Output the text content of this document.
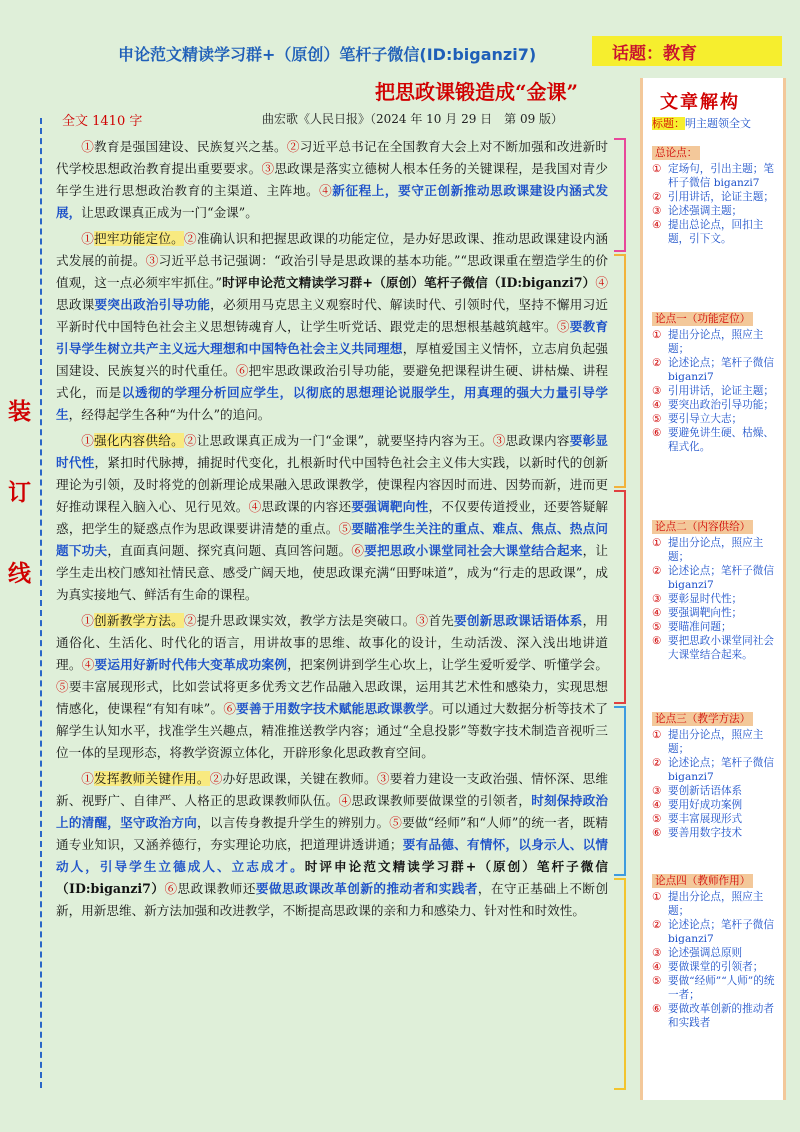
申论范文精读学习群+（原创）笔杆子微信(ID:biganzi7)	话题：教育
把思政课锻造成“金课”
全文 1410 字	曲宏歌《人民日报》（2024 年 10 月 29 日　第 09 版）
装
订
线

①教育是强国建设、民族复兴之基。②习近平总书记在全国教育大会上对不断加强和改进新时代学校思想政治教育提出重要要求。③思政课是落实立德树人根本任务的关键课程，是我国对青少年学生进行思想政治教育的主渠道、主阵地。④新征程上，要守正创新推动思政课建设内涵式发展，让思政课真正成为一门“金课”。

①把牢功能定位。②准确认识和把握思政课的功能定位，是办好思政课、推动思政课建设内涵式发展的前提。③习近平总书记强调：“政治引导是思政课的基本功能。”“思政课重在塑造学生的价值观，这一点必须牢牢抓住。”时评申论范文精读学习群+（原创）笔杆子微信（ID:biganzi7）④思政课要突出政治引导功能，必须用马克思主义观察时代、解读时代、引领时代，坚持不懈用习近平新时代中国特色社会主义思想铸魂育人，让学生听党话、跟党走的思想根基越筑越牢。⑤要教育引导学生树立共产主义远大理想和中国特色社会主义共同理想，厚植爱国主义情怀，立志肩负起强国建设、民族复兴的时代重任。⑥把牢思政课政治引导功能，要避免把课程讲生硬、讲枯燥、讲程式化，而是以透彻的学理分析回应学生，以彻底的思想理论说服学生，用真理的强大力量引导学生，经得起学生各种“为什么”的追问。

①强化内容供给。②让思政课真正成为一门“金课”，就要坚持内容为王。③思政课内容要彰显时代性，紧扣时代脉搏，捕捉时代变化，扎根新时代中国特色社会主义伟大实践，以新时代的创新理论为引领，及时将党的创新理论成果融入思政课教学，使课程内容因时而进、因势而新，进而更好推动课程入脑入心、见行见效。④思政课的内容还要强调靶向性，不仅要传道授业，还要答疑解惑，把学生的疑惑点作为思政课要讲清楚的重点。⑤要瞄准学生关注的重点、难点、焦点、热点问题下功夫，直面真问题、探究真问题、真回答问题。⑥要把思政小课堂同社会大课堂结合起来，让学生走出校门感知社情民意、感受广阔天地，使思政课充满“田野味道”，成为“行走的思政课”，成为真实接地气、鲜活有生命的课程。

①创新教学方法。②提升思政课实效，教学方法是突破口。③首先要创新思政课话语体系，用通俗化、生活化、时代化的语言，用讲故事的思维、故事化的设计，生动活泼、深入浅出地讲道理。④要运用好新时代伟大变革成功案例，把案例讲到学生心坎上，让学生爱听爱学、听懂学会。⑤要丰富展现形式，比如尝试将更多优秀文艺作品融入思政课，运用其艺术性和感染力，实现思想情感化，使课程“有知有味”。⑥要善于用数字技术赋能思政课教学。可以通过大数据分析等技术了解学生认知水平，找准学生兴趣点，精准推送教学内容；通过“全息投影”等数字技术制造音视听三位一体的呈现形态，将教学资源立体化，开辟形象化思政教育空间。

①发挥教师关键作用。②办好思政课，关键在教师。③要着力建设一支政治强、情怀深、思维新、视野广、自律严、人格正的思政课教师队伍。④思政课教师要做课堂的引领者，时刻保持政治上的清醒，坚守政治方向，以言传身教提升学生的辨别力。⑤要做“经师”和“人师”的统一者，既精通专业知识，又涵养德行，夯实理论功底，把道理讲透讲通；要有品德、有情怀，以身示人、以情动人，引导学生立德成人、立志成才。时评申论范文精读学习群+（原创）笔杆子微信（ID:biganzi7）⑥思政课教师还要做思政课改革创新的推动者和实践者，在守正基础上不断创新，用新思维、新方法加强和改进教学，不断提高思政课的亲和力和感染力、针对性和时效性。

文章解构
标题：明主题领全文
总论点：
① 定场句，引出主题；笔杆子微信 biganzi7
② 引用讲话，论证主题；
③ 论述强调主题；
④ 提出总论点，回扣主题，引下文。
论点一（功能定位）
① 提出分论点，照应主题；
② 论述论点；笔杆子微信 biganzi7
③ 引用讲话，论证主题；
④ 要突出政治引导功能；
⑤ 要引导立大志；
⑥ 要避免讲生硬、枯燥、程式化。
论点二（内容供给）
① 提出分论点，照应主题；
② 论述论点；笔杆子微信 biganzi7
③ 要彰显时代性；
④ 要强调靶向性；
⑤ 要瞄准问题；
⑥ 要把思政小课堂同社会大课堂结合起来。
论点三（教学方法）
① 提出分论点，照应主题；
② 论述论点；笔杆子微信 biganzi7
③ 要创新话语体系
④ 要用好成功案例
⑤ 要丰富展现形式
⑥ 要善用数字技术
论点四（教师作用）
① 提出分论点，照应主题；
② 论述论点；笔杆子微信 biganzi7
③ 论述强调总原则
④ 要做课堂的引领者；
⑤ 要做“经师”“人师”的统一者；
⑥ 要做改革创新的推动者和实践者
